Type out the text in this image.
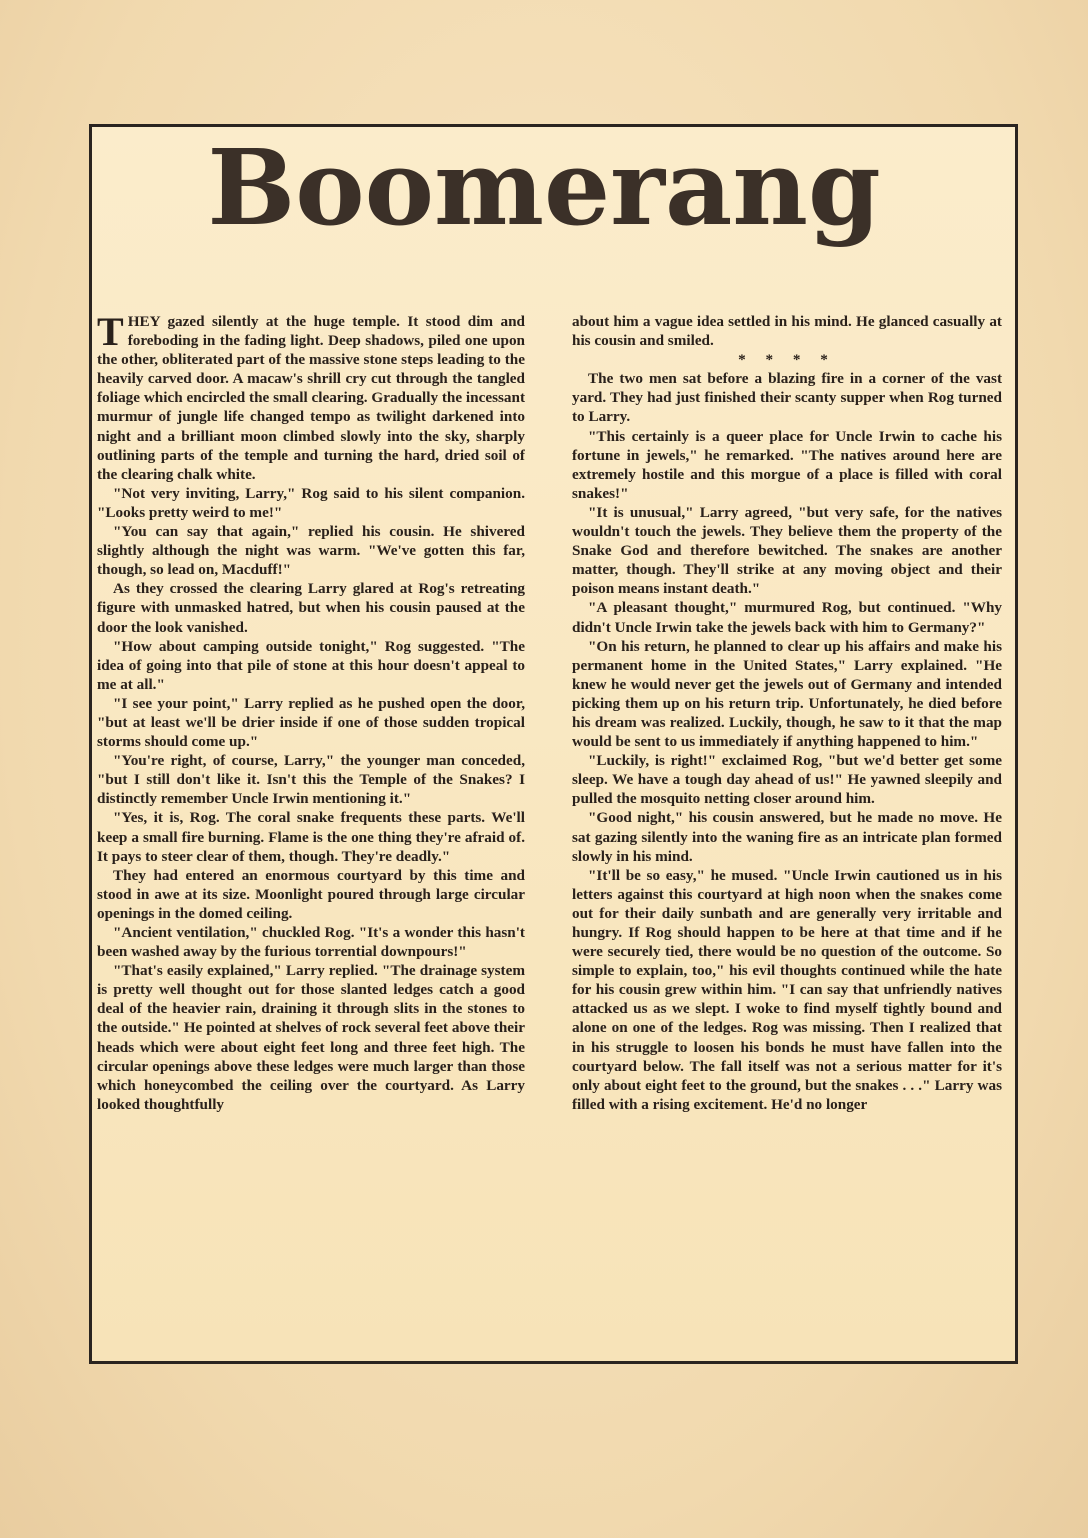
Boomerang

THEY gazed silently at the huge temple. It stood dim and foreboding in the fading light. Deep shadows, piled one upon the other, obliterated part of the massive stone steps leading to the heavily carved door. A macaw's shrill cry cut through the tangled foliage which encircled the small clearing. Gradually the incessant murmur of jungle life changed tempo as twilight darkened into night and a brilliant moon climbed slowly into the sky, sharply outlining parts of the temple and turning the hard, dried soil of the clearing chalk white.

"Not very inviting, Larry," Rog said to his silent companion. "Looks pretty weird to me!"

"You can say that again," replied his cousin. He shivered slightly although the night was warm. "We've gotten this far, though, so lead on, Macduff!"

As they crossed the clearing Larry glared at Rog's retreating figure with unmasked hatred, but when his cousin paused at the door the look vanished.

"How about camping outside tonight," Rog suggested. "The idea of going into that pile of stone at this hour doesn't appeal to me at all."

"I see your point," Larry replied as he pushed open the door, "but at least we'll be drier inside if one of those sudden tropical storms should come up."

"You're right, of course, Larry," the younger man conceded, "but I still don't like it. Isn't this the Temple of the Snakes? I distinctly remember Uncle Irwin mentioning it."

"Yes, it is, Rog. The coral snake frequents these parts. We'll keep a small fire burning. Flame is the one thing they're afraid of. It pays to steer clear of them, though. They're deadly."

They had entered an enormous courtyard by this time and stood in awe at its size. Moonlight poured through large circular openings in the domed ceiling.

"Ancient ventilation," chuckled Rog. "It's a wonder this hasn't been washed away by the furious torrential downpours!"

"That's easily explained," Larry replied. "The drainage system is pretty well thought out for those slanted ledges catch a good deal of the heavier rain, draining it through slits in the stones to the outside." He pointed at shelves of rock several feet above their heads which were about eight feet long and three feet high. The circular openings above these ledges were much larger than those which honeycombed the ceiling over the courtyard. As Larry looked thoughtfully

about him a vague idea settled in his mind. He glanced casually at his cousin and smiled.

* * * *

The two men sat before a blazing fire in a corner of the vast yard. They had just finished their scanty supper when Rog turned to Larry.

"This certainly is a queer place for Uncle Irwin to cache his fortune in jewels," he remarked. "The natives around here are extremely hostile and this morgue of a place is filled with coral snakes!"

"It is unusual," Larry agreed, "but very safe, for the natives wouldn't touch the jewels. They believe them the property of the Snake God and therefore bewitched. The snakes are another matter, though. They'll strike at any moving object and their poison means instant death."

"A pleasant thought," murmured Rog, but continued. "Why didn't Uncle Irwin take the jewels back with him to Germany?"

"On his return, he planned to clear up his affairs and make his permanent home in the United States," Larry explained. "He knew he would never get the jewels out of Germany and intended picking them up on his return trip. Unfortunately, he died before his dream was realized. Luckily, though, he saw to it that the map would be sent to us immediately if anything happened to him."

"Luckily, is right!" exclaimed Rog, "but we'd better get some sleep. We have a tough day ahead of us!" He yawned sleepily and pulled the mosquito netting closer around him.

"Good night," his cousin answered, but he made no move. He sat gazing silently into the waning fire as an intricate plan formed slowly in his mind.

"It'll be so easy," he mused. "Uncle Irwin cautioned us in his letters against this courtyard at high noon when the snakes come out for their daily sunbath and are generally very irritable and hungry. If Rog should happen to be here at that time and if he were securely tied, there would be no question of the outcome. So simple to explain, too," his evil thoughts continued while the hate for his cousin grew within him. "I can say that unfriendly natives attacked us as we slept. I woke to find myself tightly bound and alone on one of the ledges. Rog was missing. Then I realized that in his struggle to loosen his bonds he must have fallen into the courtyard below. The fall itself was not a serious matter for it's only about eight feet to the ground, but the snakes . . ." Larry was filled with a rising excitement. He'd no longer
